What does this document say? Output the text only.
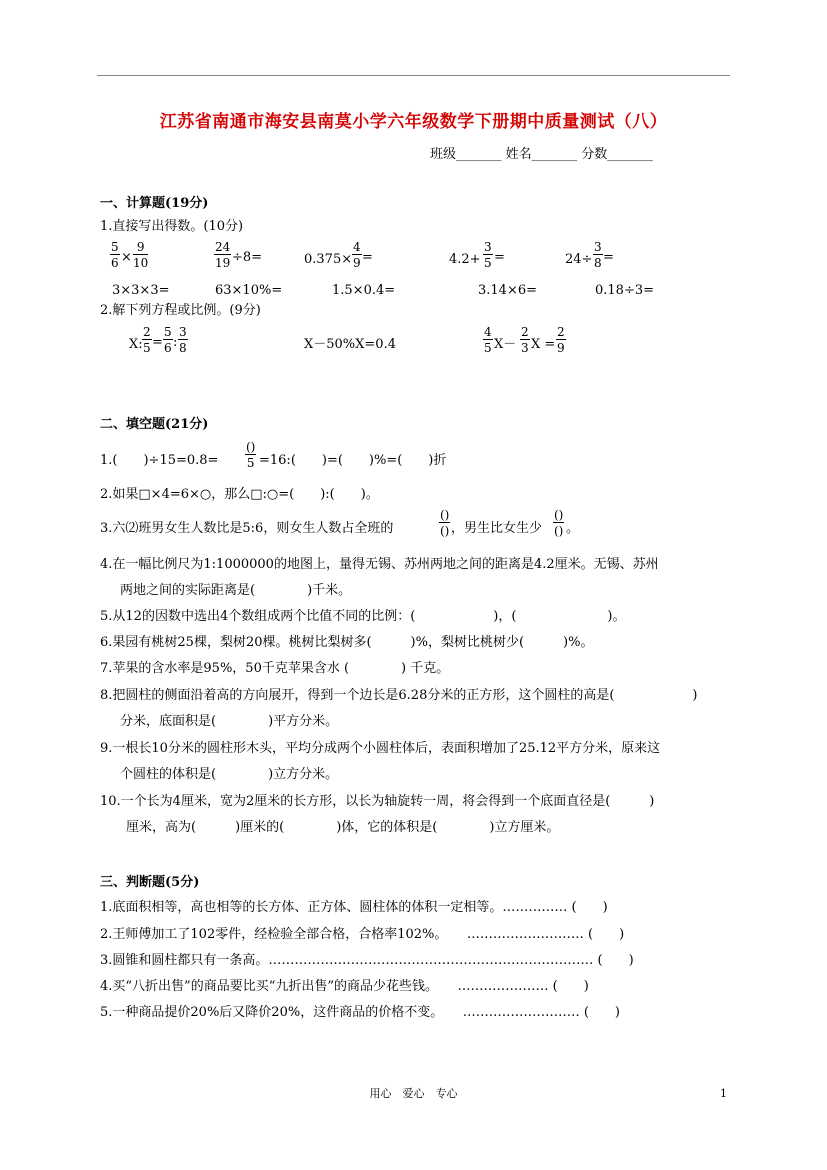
江苏省南通市海安县南莫小学六年级数学下册期中质量测试（八）
班级_______ 姓名_______ 分数_______
一、计算题(19分)
1.直接写出得数。(10分)
$\frac{5}{6} \times \frac{9}{10}$	$\frac{24}{19} \div 8=$	$0.375\times \frac{4}{9}$ =	$4.2+ \frac{3}{5}$ =	$24\div \frac{3}{8}$ =
3×3×3=	63×10%=	1.5×0.4=	3.14×6=	0.18÷3=
2.解下列方程或比例。(9分)
X: $\frac{2}{5} = \frac{5}{6}$ : $\frac{3}{8}$	X－50%X=0.4	$\frac{4}{5} X- \frac{2}{3}$ $X = \frac{2}{9}$
二、填空题(21分)
1.(　　)÷15=0.8=
()
5 =16:(　　)=(　　)%=(　　)折
2.如果□×4=6×○，那么□:○=(　　):(　　)。
3.六⑵班男女生人数比是5:6，则女生人数占全班的
()
() ，男生比女生少
()
() 。
4.在一幅比例尺为1:1000000的地图上，量得无锡、苏州两地之间的距离是4.2厘米。无锡、苏州
两地之间的实际距离是(　　　　)千米。
5.从12的因数中选出4个数组成两个比值不同的比例：(　　　　　　)，(　　　　　　　)。
6.果园有桃树25棵，梨树20棵。桃树比梨树多(　　　)%，梨树比桃树少(　　　)%。
7.苹果的含水率是95%，50千克苹果含水 (　　　　) 千克。
8.把圆柱的侧面沿着高的方向展开，得到一个边长是6.28分米的正方形，这个圆柱的高是(　　　　　　)
分米，底面积是(　　　　)平方分米。
9.一根长10分米的圆柱形木头，平均分成两个小圆柱体后，表面积增加了25.12平方分米，原来这
个圆柱的体积是(　　　　)立方分米。
10.一个长为4厘米，宽为2厘米的长方形，以长为轴旋转一周，将会得到一个底面直径是(　　　)
厘米，高为(　　　)厘米的(　　　　)体，它的体积是(　　　　)立方厘米。
三、判断题(5分)
1.底面积相等，高也相等的长方体、正方体、圆柱体的体积一定相等。…………… (　　)
2.王师傅加工了102零件，经检验全部合格，合格率102%。　　……………………… (　　)
3.圆锥和圆柱都只有一条高。………………………………………………………………… (　　)
4.买“八折出售”的商品要比买“九折出售”的商品少花些钱。　　………………… (　　)
5.一种商品提价20%后又降价20%，这件商品的价格不变。　　……………………… (　　)
用心　爱心　专心	1
